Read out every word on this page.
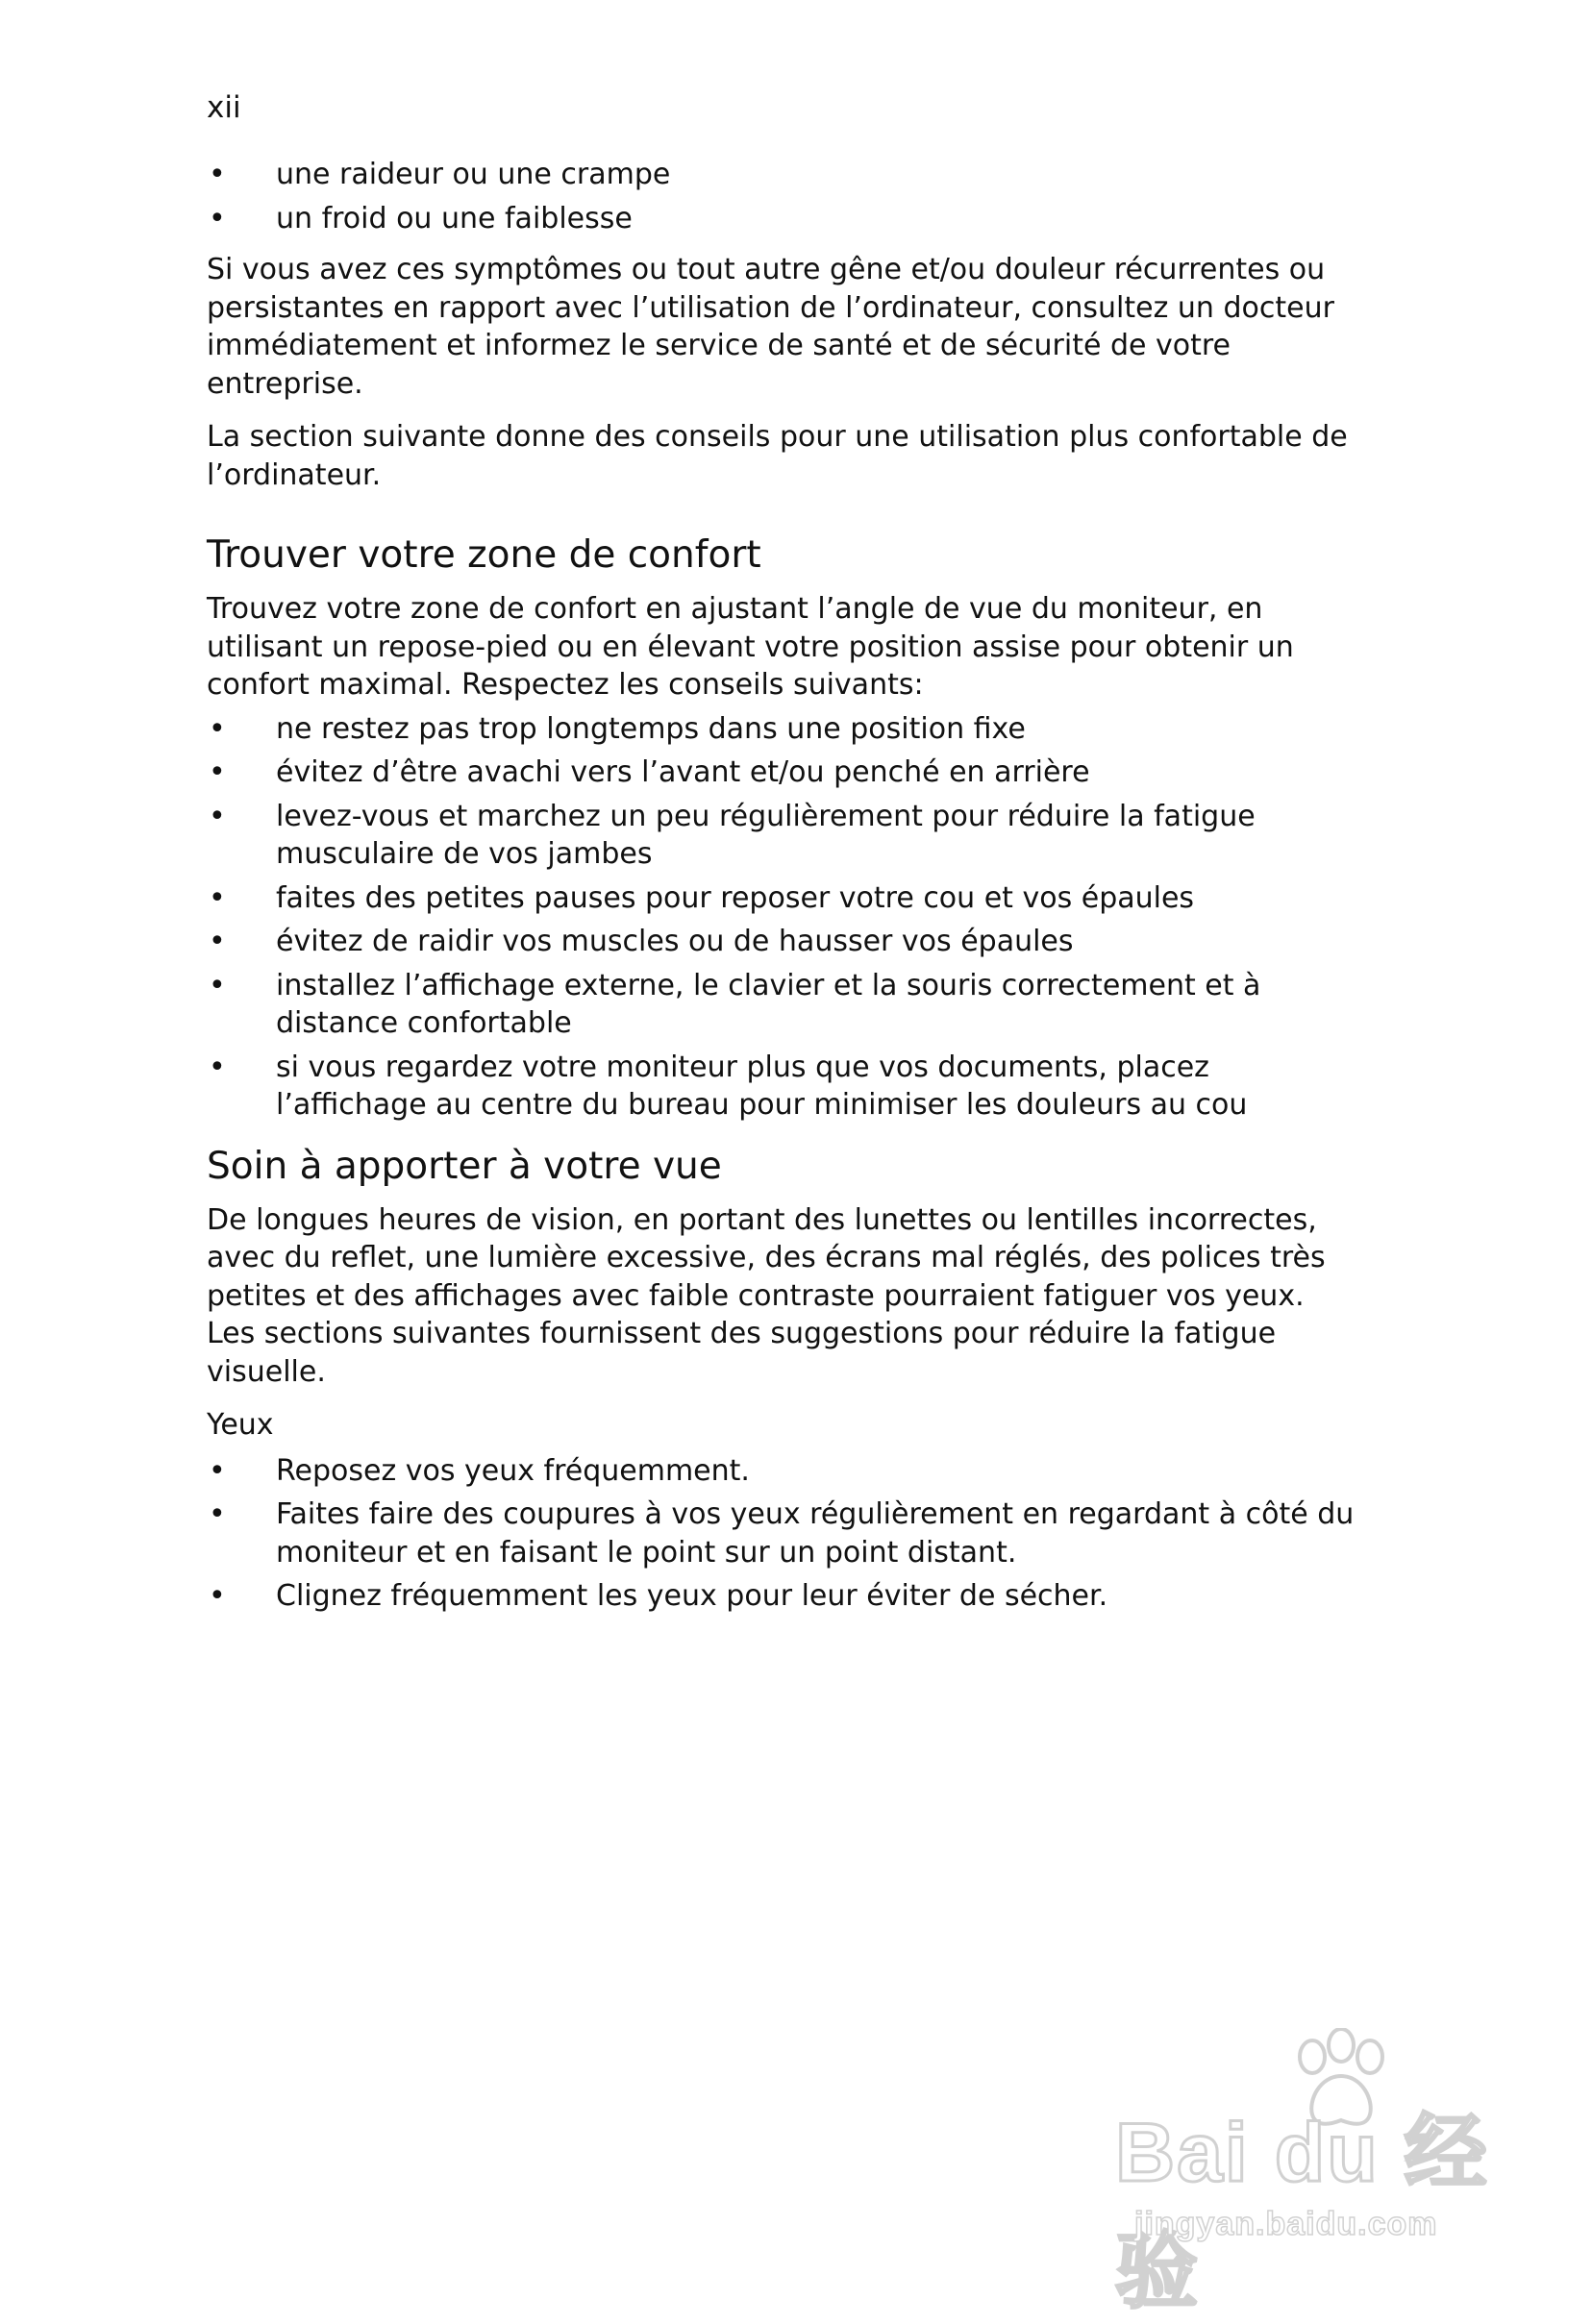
xii
• une raideur ou une crampe
• un froid ou une faiblesse

Si vous avez ces symptômes ou tout autre gêne et/ou douleur récurrentes ou persistantes en rapport avec l’utilisation de l’ordinateur, consultez un docteur immédiatement et informez le service de santé et de sécurité de votre entreprise.

La section suivante donne des conseils pour une utilisation plus confortable de l’ordinateur.

Trouver votre zone de confort

Trouvez votre zone de confort en ajustant l’angle de vue du moniteur, en utilisant un repose-pied ou en élevant votre position assise pour obtenir un confort maximal. Respectez les conseils suivants:

• ne restez pas trop longtemps dans une position fixe
• évitez d’être avachi vers l’avant et/ou penché en arrière
• levez-vous et marchez un peu régulièrement pour réduire la fatigue musculaire de vos jambes
• faites des petites pauses pour reposer votre cou et vos épaules
• évitez de raidir vos muscles ou de hausser vos épaules
• installez l’affichage externe, le clavier et la souris correctement et à distance confortable
• si vous regardez votre moniteur plus que vos documents, placez l’affichage au centre du bureau pour minimiser les douleurs au cou
Soin à apporter à votre vue

De longues heures de vision, en portant des lunettes ou lentilles incorrectes, avec du reflet, une lumière excessive, des écrans mal réglés, des polices très petites et des affichages avec faible contraste pourraient fatiguer vos yeux. Les sections suivantes fournissent des suggestions pour réduire la fatigue visuelle.

Yeux
• Reposez vos yeux fréquemment.
• Faites faire des coupures à vos yeux régulièrement en regardant à côté du moniteur et en faisant le point sur un point distant.
• Clignez fréquemment les yeux pour leur éviter de sécher.
Bai du 经验
jingyan.baidu.com
